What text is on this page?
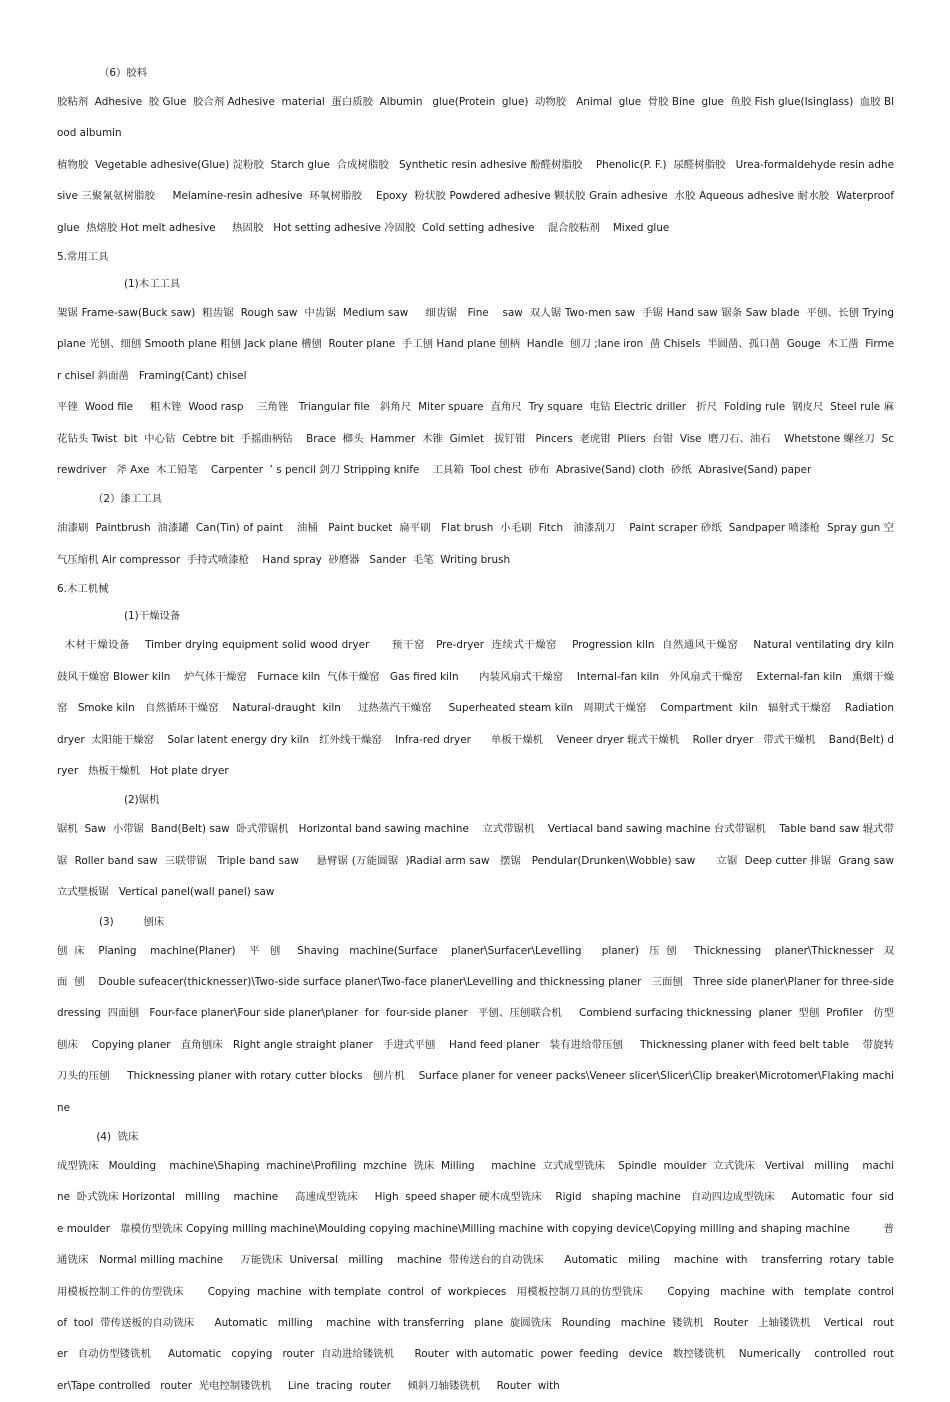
（6）胶料
胶粘剂  Adhesive  胶 Glue  胶合剂 Adhesive  material  蛋白质胶  Albumin   glue(Protein  glue)  动物胶   Animal  glue  骨胶 Bine  glue  鱼胶 Fish glue(Isinglass)  血胶 Blood albumin
植物胶  Vegetable adhesive(Glue) 淀粉胶  Starch glue  合成树脂胶   Synthetic resin adhesive 酚醛树脂胶    Phenolic(P. F.)  尿醛树脂胶   Urea-formaldehyde resin adhesive 三聚氰氨树脂胶     Melamine-resin adhesive  环氧树脂胶    Epoxy  粉状胶 Powdered adhesive 颗状胶 Grain adhesive  水胶 Aqueous adhesive 耐水胶  Waterproof    glue  热熔胶 Hot melt adhesive     热固胶   Hot setting adhesive 冷固胶  Cold setting adhesive    混合胶粘剂    Mixed glue
5.常用工具
(1)木工工具
架锯 Frame-saw(Buck saw)  粗齿锯  Rough saw  中齿锯  Medium saw     细齿锯   Fine    saw  双人锯 Two-men saw  手锯 Hand saw 锯条 Saw blade  平刨、长刨 Trying plane 光刨、细刨 Smooth plane 粗刨 Jack plane 槽刨  Router plane  手工刨 Hand plane 刨柄  Handle  刨刀 ;lane iron  凿 Chisels  半圆凿、孤口凿  Gouge  木工凿  Firmer chisel 斜面凿   Framing(Cant) chisel
平锉  Wood file     粗木锉  Wood rasp    三角锉   Triangular file   斜角尺  Miter spuare  直角尺  Try square  电钻 Electric driller   折尺  Folding rule  钢皮尺  Steel rule 麻花钻头 Twist  bit  中心钻  Cebtre bit  手摇曲柄钻    Brace  榔头  Hammer  木锥  Gimlet   拔钉钳   Pincers  老虎钳  Pliers  台钳  Vise  磨刀石、油石    Whetstone 螺丝刀  Screwdriver   斧 Axe  木工铅笔    Carpenter  ’ s pencil 剑刀 Stripping knife    工具箱  Tool chest  砂布  Abrasive(Sand) cloth  砂纸  Abrasive(Sand) paper
（2）漆工工具
油漆刷  Paintbrush  油漆罐  Can(Tin) of paint    油桶   Paint bucket  扁平刷   Flat brush  小毛刷  Fitch   油漆刮刀    Paint scraper 砂纸  Sandpaper 喷漆枪  Spray gun 空气压缩机 Air compressor  手持式喷漆枪    Hand spray  砂磨器   Sander  毛笔  Writing brush
6.木工机械
(1)干燥设备
木材干燥设备    Timber drying equipment solid wood dryer      预干窑   Pre-dryer  连续式干燥窑    Progression kiln  自然通风干燥窑    Natural ventilating dry kiln      鼓风干燥窑 Blower kiln    炉气体干燥窑   Furnace kiln  气体干燥窑   Gas fired kiln      内装风扇式干燥窑    Internal-fan kiln   外风扇式干燥窑    External-fan kiln   熏烟干燥窑   Smoke kiln   自然循环干燥窑    Natural-draught  kiln     过热蒸汽干燥窑     Superheated steam kiln   周期式干燥窑    Compartment  kiln   辐射式干燥窑    Radiation  dryer  太阳能干燥窑    Solar latent energy dry kiln   红外线干燥窑    Infra-red dryer      单板干燥机    Veneer dryer 辊式干燥机    Roller dryer   带式干燥机    Band(Belt) dryer   热板干燥机   Hot plate dryer
(2)锯机
锯机  Saw  小带锯  Band(Belt) saw  卧式带锯机   Horizontal band sawing machine    立式带锯机    Vertiacal band sawing machine 台式带锯机    Table band saw 辊式带锯  Roller band saw  三联带锯   Triple band saw     悬臂锯 (万能圆锯  )Radial arm saw   摆锯   Pendular(Drunken\Wobble) saw      立锯  Deep cutter 排锯  Grang saw  立式壁板锯   Vertical panel(wall panel) saw
(3)         刨床
刨  床    Planing    machine(Planer)    平   刨     Shaving   machine(Surface    planer\Surfacer\Levelling      planer)   压  刨     Thicknessing    planer\Thicknesser   双  面  刨    Double sufeacer(thicknesser)\Two-side surface planer\Two-face planer\Levelling and thicknessing planer   三面刨   Three side planer\Planer for three-side dressing  四面刨   Four-face planer\Four side planer\planer  for  four-side planer   平刨、压刨联合机     Combiend surfacing thicknessing  planer  型刨  Profiler   仿型刨床    Copying planer   直角刨床   Right angle straight planer   手进式平刨    Hand feed planer   装有进给带压刨     Thicknessing planer with feed belt table    带旋转刀头的压刨     Thicknessing planer with rotary cutter blocks   刨片机    Surface planer for veneer packs\Veneer slicer\Slicer\Clip breaker\Microtomer\Flaking machine
(4)  铣床
成型铣床   Moulding    machine\Shaping  machine\Profiling  mzchine  铣床  Milling     machine  立式成型铣床    Spindle  moulder  立式铣床   Vertival   milling    machine  卧式铣床 Horizontal   milling    machine     高速成型铣床     High  speed shaper 硬木成型铣床    Rigid   shaping machine   自动四边成型铣床     Automatic  four  side moulder   靠模仿型铣床 Copying milling machine\Moulding copying machine\Milling machine with copying device\Copying milling and shaping machine          普通铣床   Normal milling machine     万能铣床  Universal   milling    machine  带传送台的自动铣床      Automatic   miling    machine  with    transferring  rotary  table  用模板控制工件的仿型铣床       Copying  machine  with template  control  of  workpieces   用模板控制刀具的仿型铣床       Copying   machine  with   template  control   of  tool  带传送板的自动铣床      Automatic   milling    machine  with transferring   plane  旋圆铣床   Rounding   machine  镂铣机   Router   上轴镂铣机    Vertical   router   自动仿型镂铣机     Automatic   copying   router  自动进给镂铣机      Router  with automatic  power  feeding   device   数控镂铣机    Numerically    controlled  router\Tape controlled   router  光电控制镂铣机     Line  tracing  router     倾斜刀轴镂铣机     Router  with
